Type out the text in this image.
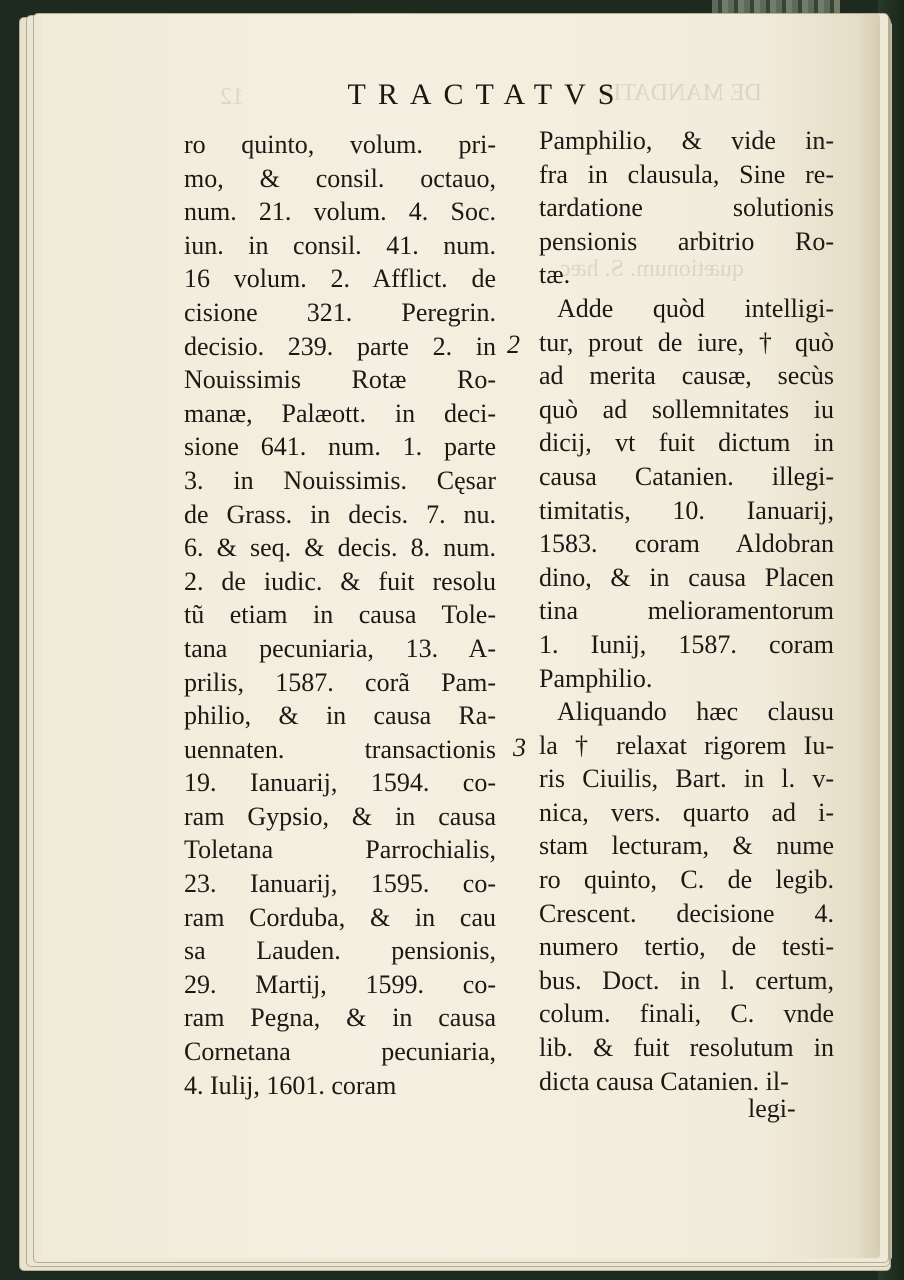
DE MANDATIS
12
quætionum. S. hæc
TRACTATVS
ro quinto, volum. pri-
mo, & consil. octauo,
num. 21. volum. 4. Soc.
iun. in consil. 41. num.
16 volum. 2. Afflict. de
cisione 321. Peregrin.
decisio. 239. parte 2. in
Nouissimis Rotæ Ro-
manæ, Palæott. in deci-
sione 641. num. 1. parte
3. in Nouissimis. Cęsar
de Grass. in decis. 7. nu.
6. & seq. & decis. 8. num.
2. de iudic. & fuit resolu
tũ etiam in causa Tole-
tana pecuniaria, 13. A-
prilis, 1587. corã Pam-
philio, & in causa Ra-
uennaten. transactionis
19. Ianuarij, 1594. co-
ram Gypsio, & in causa
Toletana Parrochialis,
23. Ianuarij, 1595. co-
ram Corduba, & in cau
sa Lauden. pensionis,
29. Martij, 1599. co-
ram Pegna, & in causa
Cornetana pecuniaria,
4. Iulij, 1601. coram
Pamphilio, & vide in-
fra in clausula, Sine re-
tardatione solutionis
pensionis arbitrio Ro-
tæ.
Adde quòd intelligi-
tur, prout de iure, † quò
ad merita causæ, secùs
quò ad sollemnitates iu
dicij, vt fuit dictum in
causa Catanien. illegi-
timitatis, 10. Ianuarij,
1583. coram Aldobran
dino, & in causa Placen
tina melioramentorum
1. Iunij, 1587. coram
Pamphilio.
Aliquando hæc clausu
la † relaxat rigorem Iu-
ris Ciuilis, Bart. in l. v-
nica, vers. quarto ad i-
stam lecturam, & nume
ro quinto, C. de legib.
Crescent. decisione 4.
numero tertio, de testi-
bus. Doct. in l. certum,
colum. finali, C. vnde
lib. & fuit resolutum in
dicta causa Catanien. il-
2
3
legi-
